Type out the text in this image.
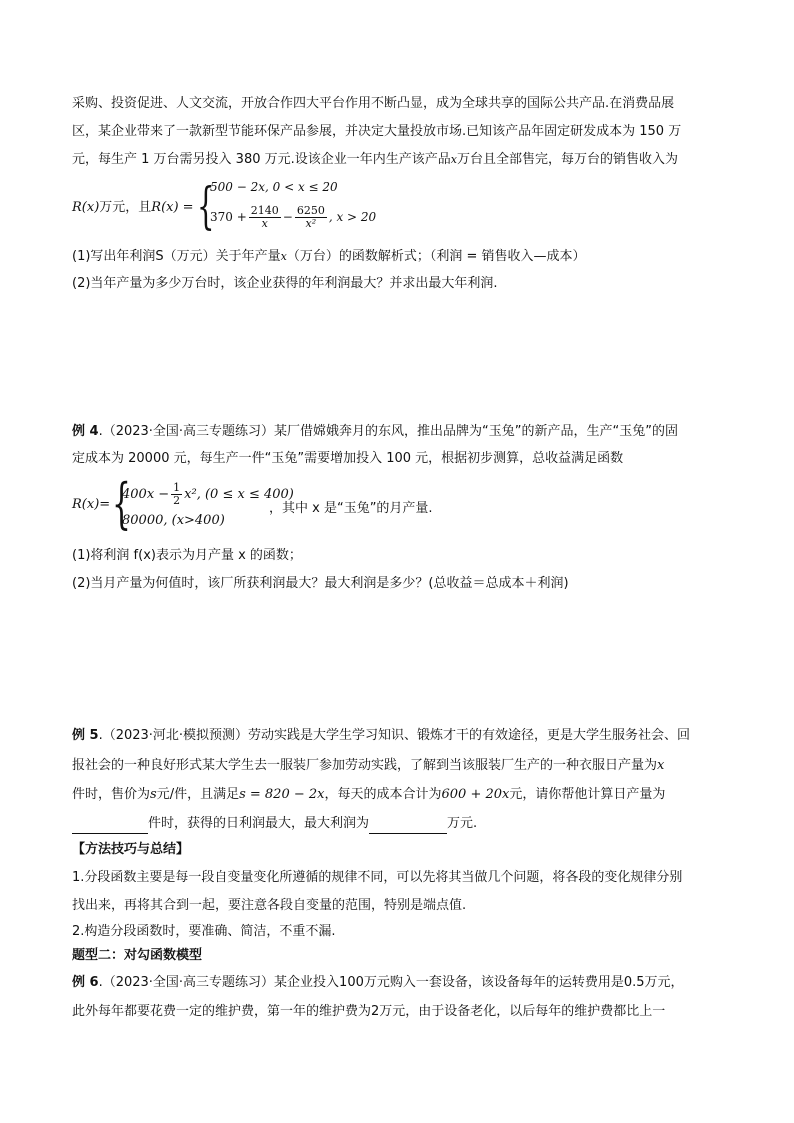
采购、投资促进、人文交流，开放合作四大平台作用不断凸显，成为全球共享的国际公共产品.在消费品展
区，某企业带来了一款新型节能环保产品参展，并决定大量投放市场.已知该产品年固定研发成本为 150 万
元，每生产 1 万台需另投入 380 万元.设该企业一年内生产该产品$^x$万台且全部售完，每万台的销售收入为
R(x)万元，且R(x) = {
500 − 2x, 0 < x ≤ 20
$370 + \frac{2140}{x} - \frac{6250}{\text{x²}}$ , x > 20
(1)写出年利润S（万元）关于年产量$^x$（万台）的函数解析式；（利润 = 销售收入—成本）
(2)当年产量为多少万台时，该企业获得的年利润最大？并求出最大年利润.
例 4.（2023·全国·高三专题练习）某厂借嫦娥奔月的东风，推出品牌为“玉兔”的新产品，生产“玉兔”的固
定成本为 20000 元，每生产一件“玉兔”需要增加投入 100 元，根据初步测算，总收益满足函数
R(x)= {
$400x - \frac{1}{2} x^2$, (0 ≤ x ≤ 400)
80000, (x>400)
，其中 x 是“玉兔”的月产量.
(1)将利润 f(x)表示为月产量 x 的函数；
(2)当月产量为何值时，该厂所获利润最大？最大利润是多少？(总收益＝总成本＋利润)
例 5.（2023·河北·模拟预测）劳动实践是大学生学习知识、锻炼才干的有效途径，更是大学生服务社会、回
报社会的一种良好形式某大学生去一服装厂参加劳动实践，了解到当该服装厂生产的一种衣服日产量为x
件时，售价为s元/件，且满足s = 820 − 2x，每天的成本合计为600 + 20x元，请你帮他计算日产量为
件时，获得的日利润最大，最大利润为	万元.
【方法技巧与总结】
1.分段函数主要是每一段自变量变化所遵循的规律不同，可以先将其当做几个问题，将各段的变化规律分别
找出来，再将其合到一起，要注意各段自变量的范围，特别是端点值.
2.构造分段函数时，要准确、简洁，不重不漏.
题型二：对勾函数模型
例 6.（2023·全国·高三专题练习）某企业投入100万元购入一套设备，该设备每年的运转费用是0.5万元，
此外每年都要花费一定的维护费，第一年的维护费为2万元，由于设备老化，以后每年的维护费都比上一
